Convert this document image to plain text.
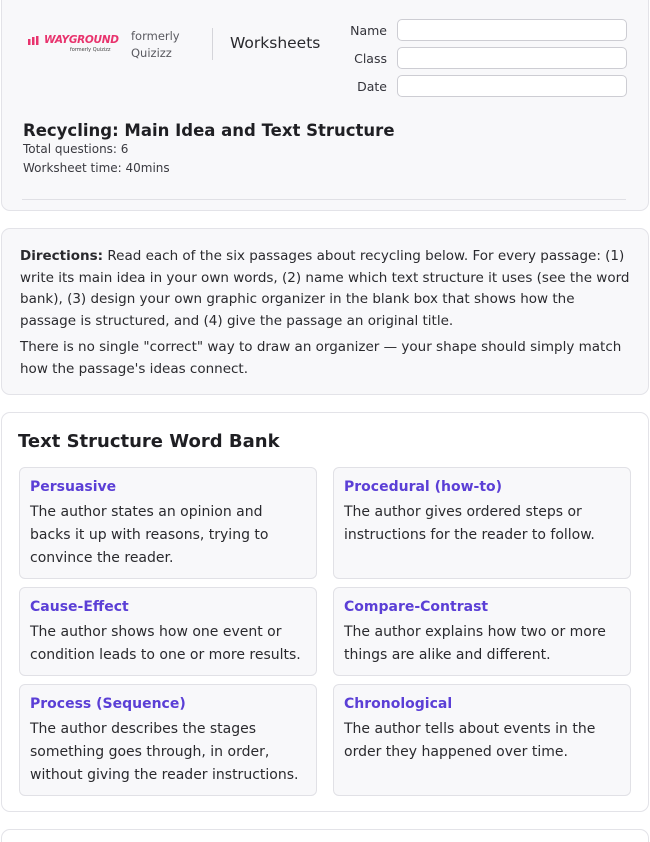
WAYGROUND
formerly Quizizz
formerly Quizizz
Worksheets
Name
Class
Date
Recycling: Main Idea and Text Structure
Total questions: 6
Worksheet time: 40mins

Directions: Read each of the six passages about recycling below. For every passage: (1) write its main idea in your own words, (2) name which text structure it uses (see the word bank), (3) design your own graphic organizer in the blank box that shows how the passage is structured, and (4) give the passage an original title.

There is no single "correct" way to draw an organizer — your shape should simply match how the passage's ideas connect.

Text Structure Word Bank
Persuasive
The author states an opinion and backs it up with reasons, trying to convince the reader.
Procedural (how-to)
The author gives ordered steps or instructions for the reader to follow.
Cause-Effect
The author shows how one event or condition leads to one or more results.
Compare-Contrast
The author explains how two or more things are alike and different.
Process (Sequence)
The author describes the stages something goes through, in order, without giving the reader instructions.
Chronological
The author tells about events in the order they happened over time.
